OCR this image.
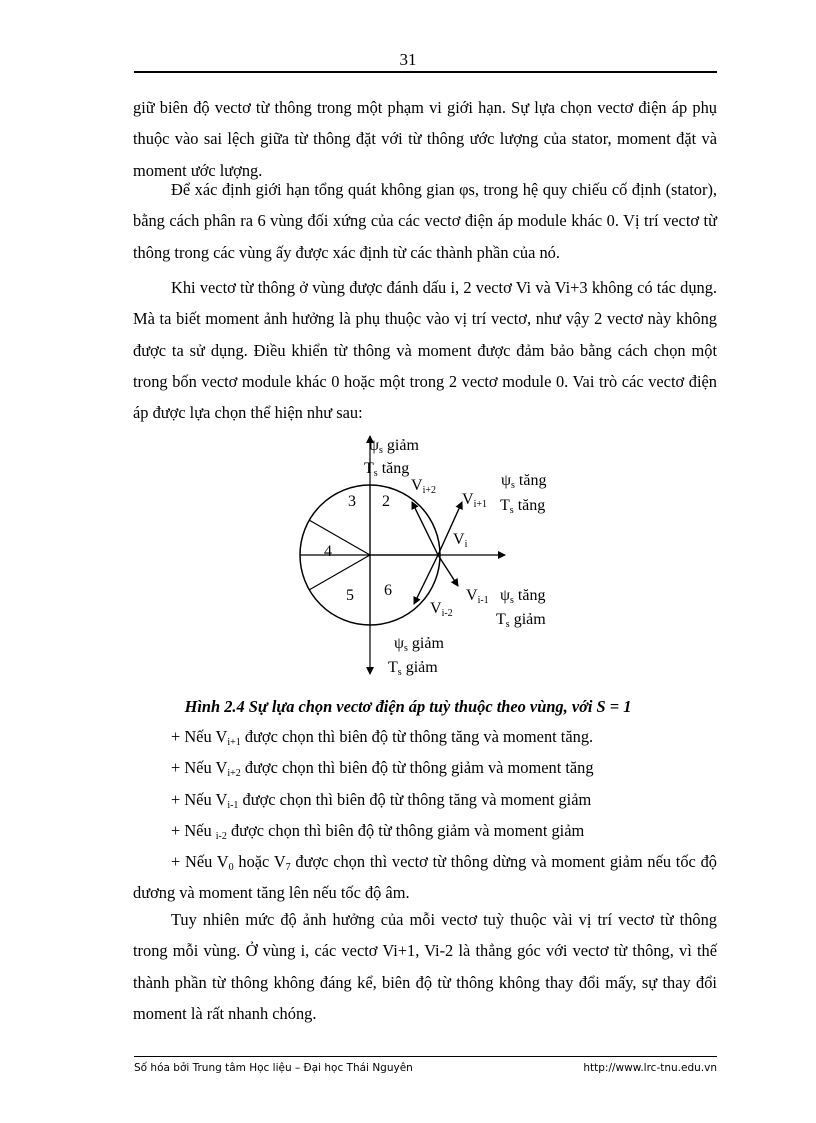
31

giữ biên độ vectơ từ thông trong một phạm vi giới hạn. Sự lựa chọn vectơ điện áp phụ thuộc vào sai lệch giữa từ thông đặt với từ thông ước lượng của stator, moment đặt và moment ước lượng.

Để xác định giới hạn tổng quát không gian φs, trong hệ quy chiếu cố định (stator), bằng cách phân ra 6 vùng đối xứng của các vectơ điện áp module khác 0. Vị trí vectơ từ thông trong các vùng ấy được xác định từ các thành phần của nó.

Khi vectơ từ thông ở vùng được đánh dấu i, 2 vectơ Vi và Vi+3 không có tác dụng. Mà ta biết moment ảnh hưởng là phụ thuộc vào vị trí vectơ, như vậy 2 vectơ này không được ta sử dụng. Điều khiển từ thông và moment được đảm bảo bằng cách chọn một trong bốn vectơ module khác 0 hoặc một trong 2 vectơ module 0. Vai trò các vectơ điện áp được lựa chọn thể hiện như sau:

3 2
4
5 6
$\psi_s$ giảm
$T_s$ tăng
$V_{i+2}$
$\psi_s$ tăng
$V_{i+1}$ $T_s$ tăng
$V_i$
$V_{i-1}$ $\psi_s$ tăng
$T_s$ giảm
$V_{i-2}$
$\psi_s$ giảm
$T_s$ giảm
Hình 2.4 Sự lựa chọn vectơ điện áp tuỳ thuộc theo vùng, với S = 1

+ Nếu $V_{i+1}$ được chọn thì biên độ từ thông tăng và moment tăng.

+ Nếu $V_{i+2}$ được chọn thì biên độ từ thông giảm và moment tăng

+ Nếu $V_{i-1}$ được chọn thì biên độ từ thông tăng và moment giảm

+ Nếu $_{i-2}$ được chọn thì biên độ từ thông giảm và moment giảm

+ Nếu $V_0$ hoặc $V_7$ được chọn thì vectơ từ thông dừng và moment giảm nếu tốc độ dương và moment tăng lên nếu tốc độ âm.

Tuy nhiên mức độ ảnh hưởng của mỗi vectơ tuỳ thuộc vài vị trí vectơ từ thông trong mỗi vùng. Ở vùng i, các vectơ Vi+1, Vi-2 là thẳng góc với vectơ từ thông, vì thế thành phần từ thông không đáng kể, biên độ từ thông không thay đổi mấy, sự thay đổi moment là rất nhanh chóng.

Số hóa bởi Trung tâm Học liệu – Đại học Thái Nguyên	http://www.lrc-tnu.edu.vn
